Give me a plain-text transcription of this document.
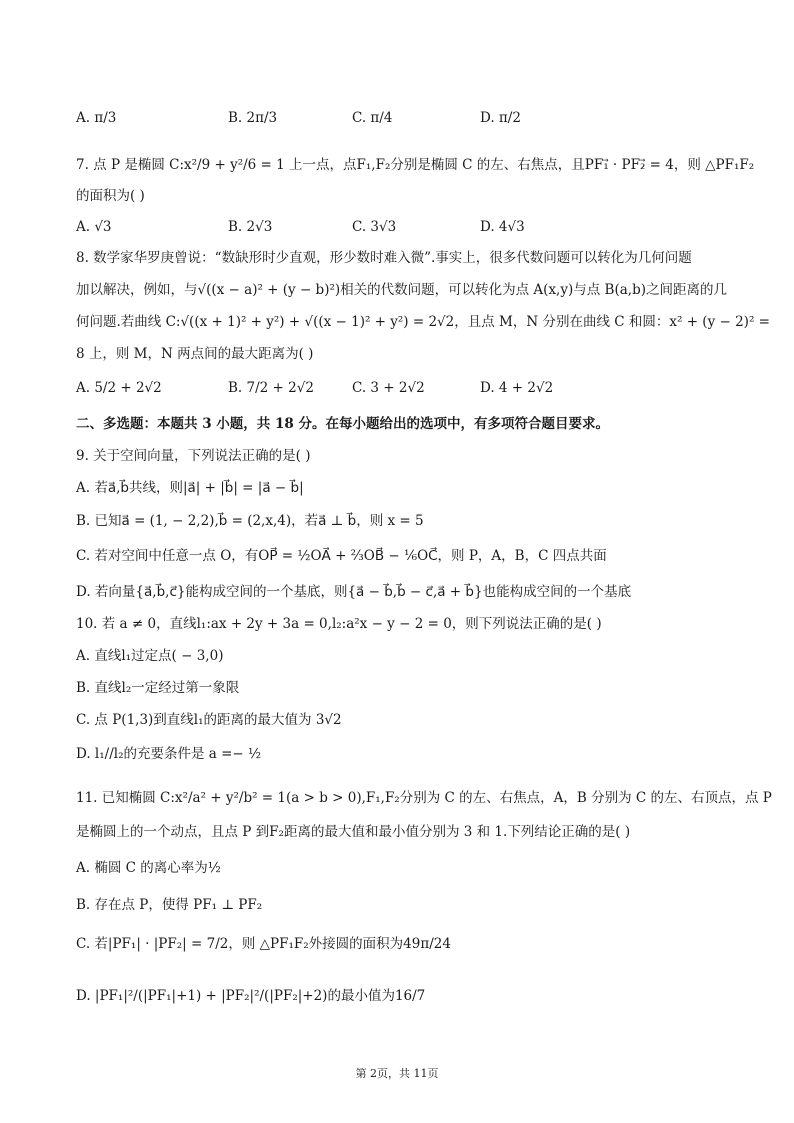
A. π/3	B. 2π/3	C. π/4	D. π/2
7. 点 P 是椭圆 C:x²/9 + y²/6 = 1 上一点，点F₁,F₂分别是椭圆 C 的左、右焦点，且PF₁⃗ · PF₂⃗ = 4，则 △PF₁F₂
的面积为( )
A. √3	B. 2√3	C. 3√3	D. 4√3
8. 数学家华罗庚曾说：“数缺形时少直观，形少数时难入微”.事实上，很多代数问题可以转化为几何问题
加以解决，例如，与√((x − a)² + (y − b)²)相关的代数问题，可以转化为点 A(x,y)与点 B(a,b)之间距离的几
何问题.若曲线 C:√((x + 1)² + y²) + √((x − 1)² + y²) = 2√2，且点 M，N 分别在曲线 C 和圆：x² + (y − 2)² =
8 上，则 M，N 两点间的最大距离为( )
A. 5/2 + 2√2	B. 7/2 + 2√2	C. 3 + 2√2	D. 4 + 2√2
二、多选题：本题共 3 小题，共 18 分。在每小题给出的选项中，有多项符合题目要求。
9. 关于空间向量，下列说法正确的是( )
A. 若a⃗,b⃗共线，则|a⃗| + |b⃗| = |a⃗ − b⃗|
B. 已知a⃗ = (1, − 2,2),b⃗ = (2,x,4)，若a⃗ ⊥ b⃗，则 x = 5
C. 若对空间中任意一点 O，有OP⃗ = ½OA⃗ + ⅔OB⃗ − ⅙OC⃗，则 P，A，B，C 四点共面
D. 若向量{a⃗,b⃗,c⃗}能构成空间的一个基底，则{a⃗ − b⃗,b⃗ − c⃗,a⃗ + b⃗}也能构成空间的一个基底
10. 若 a ≠ 0，直线l₁:ax + 2y + 3a = 0,l₂:a²x − y − 2 = 0，则下列说法正确的是( )
A. 直线l₁过定点( − 3,0)
B. 直线l₂一定经过第一象限
C. 点 P(1,3)到直线l₁的距离的最大值为 3√2
D. l₁//l₂的充要条件是 a =− ½
11. 已知椭圆 C:x²/a² + y²/b² = 1(a > b > 0),F₁,F₂分别为 C 的左、右焦点，A，B 分别为 C 的左、右顶点，点 P
是椭圆上的一个动点，且点 P 到F₂距离的最大值和最小值分别为 3 和 1.下列结论正确的是( )
A. 椭圆 C 的离心率为½
B. 存在点 P，使得 PF₁ ⊥ PF₂
C. 若|PF₁| · |PF₂| = 7/2，则 △PF₁F₂外接圆的面积为49π/24
D. |PF₁|²/(|PF₁|+1) + |PF₂|²/(|PF₂|+2)的最小值为16/7
第 2页，共 11页
